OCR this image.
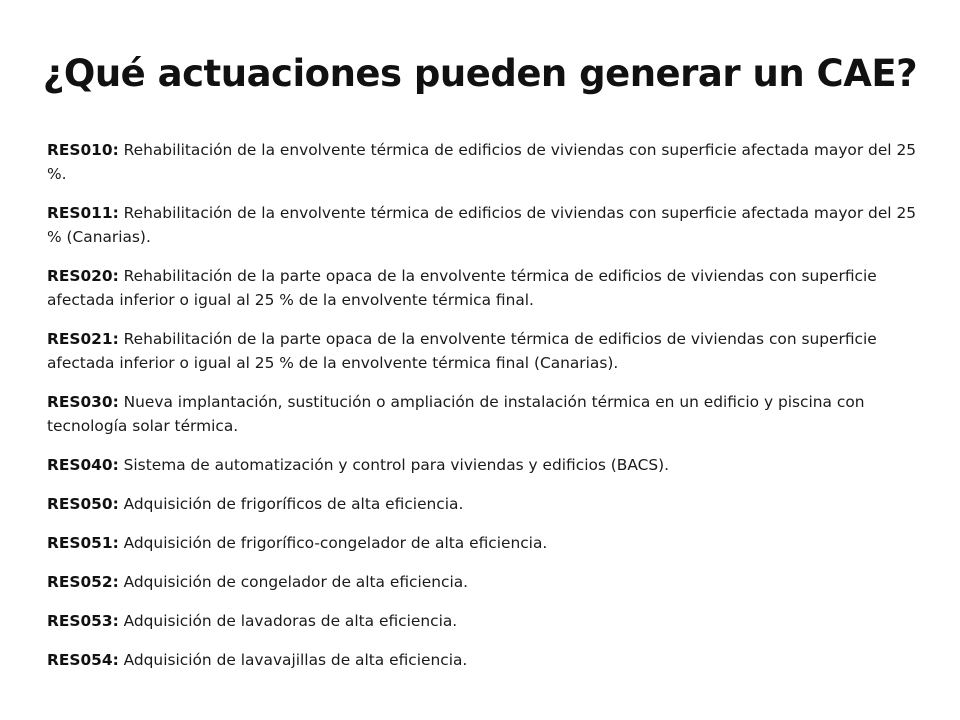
¿Qué actuaciones pueden generar un CAE?
RES010: Rehabilitación de la envolvente térmica de edificios de viviendas con superficie afectada mayor del 25 %.
RES011: Rehabilitación de la envolvente térmica de edificios de viviendas con superficie afectada mayor del 25 % (Canarias).
RES020: Rehabilitación de la parte opaca de la envolvente térmica de edificios de viviendas con superficie afectada inferior o igual al 25 % de la envolvente térmica final.
RES021: Rehabilitación de la parte opaca de la envolvente térmica de edificios de viviendas con superficie afectada inferior o igual al 25 % de la envolvente térmica final (Canarias).
RES030: Nueva implantación, sustitución o ampliación de instalación térmica en un edificio y piscina con tecnología solar térmica.
RES040: Sistema de automatización y control para viviendas y edificios (BACS).
RES050: Adquisición de frigoríficos de alta eficiencia.
RES051: Adquisición de frigorífico-congelador de alta eficiencia.
RES052: Adquisición de congelador de alta eficiencia.
RES053: Adquisición de lavadoras de alta eficiencia.
RES054: Adquisición de lavavajillas de alta eficiencia.
